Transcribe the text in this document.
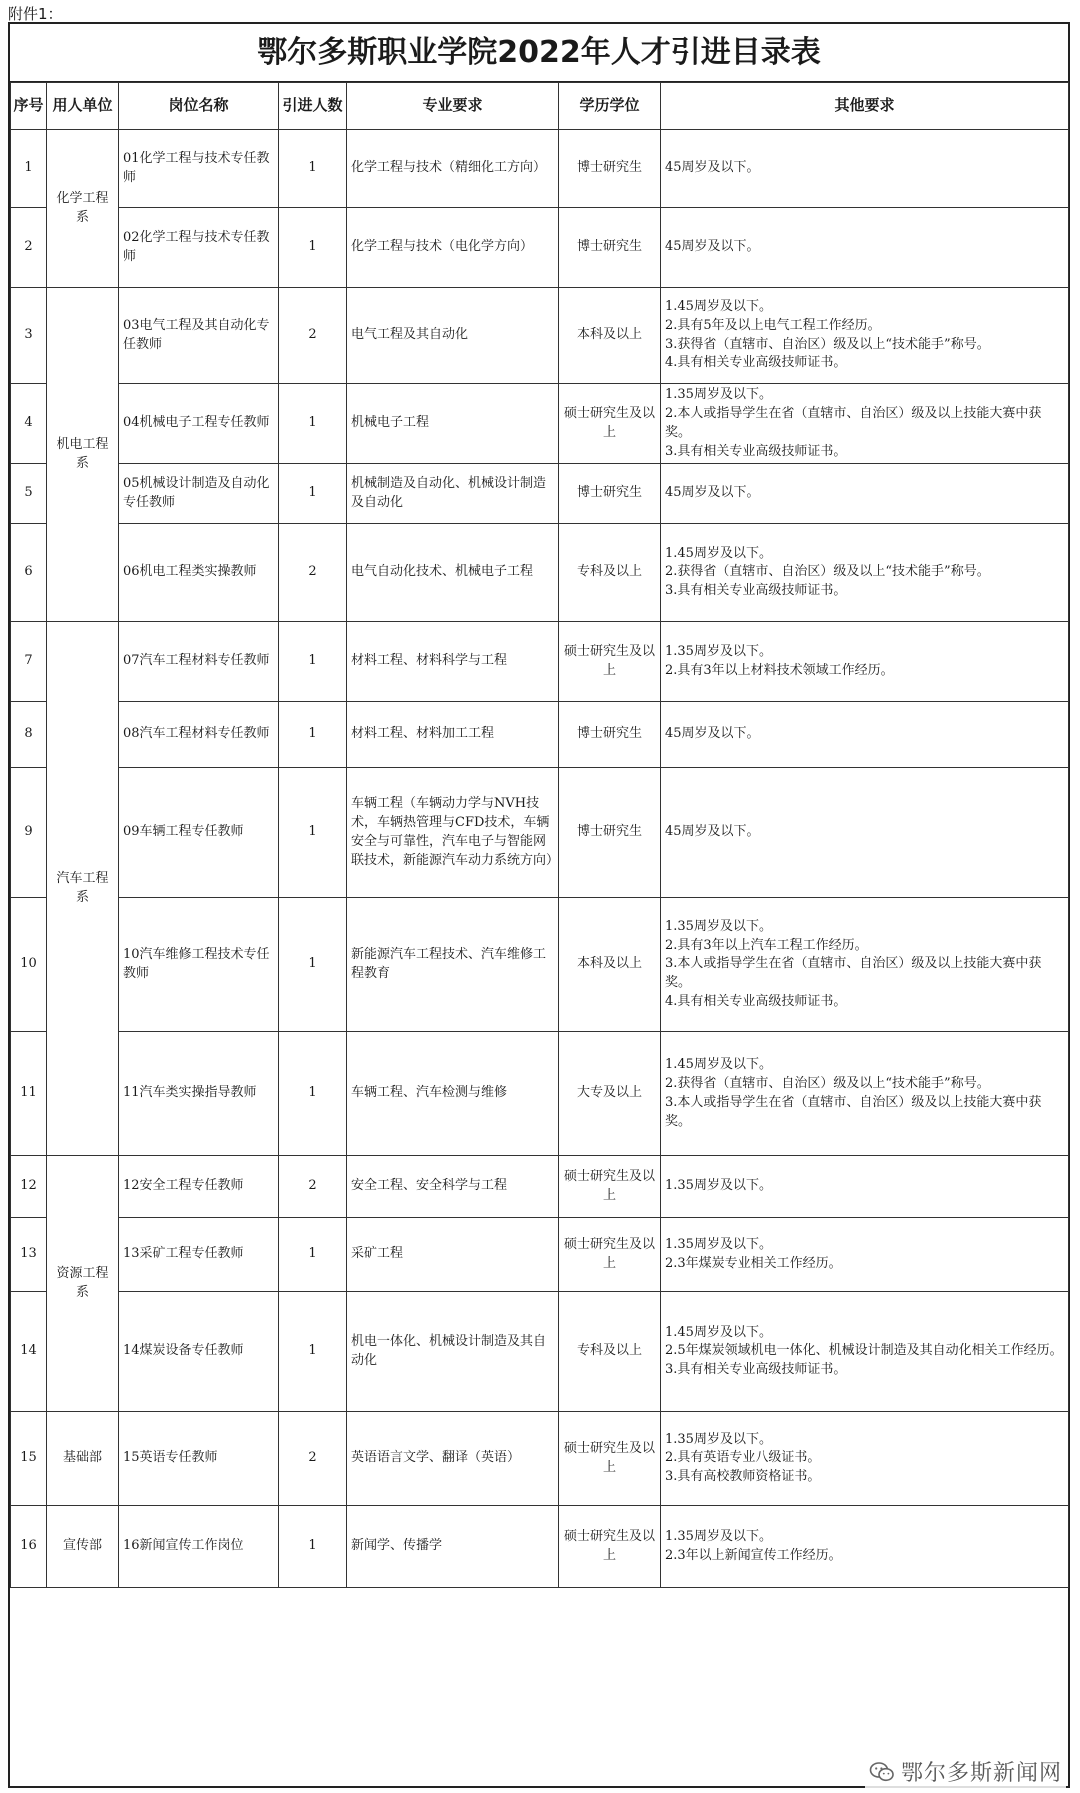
附件1：
鄂尔多斯职业学院2022年人才引进目录表
序号	用人单位	岗位名称	引进人数	专业要求	学历学位	其他要求
1	化学工程系	01化学工程与技术专任教师	1	化学工程与技术（精细化工方向）	博士研究生	45周岁及以下。
2		02化学工程与技术专任教师	1	化学工程与技术（电化学方向）	博士研究生	45周岁及以下。
3	机电工程系	03电气工程及其自动化专任教师	2	电气工程及其自动化	本科及以上	1.45周岁及以下。
2.具有5年及以上电气工程工作经历。
3.获得省（直辖市、自治区）级及以上“技术能手”称号。
4.具有相关专业高级技师证书。
4		04机械电子工程专任教师	1	机械电子工程	硕士研究生及以上	1.35周岁及以下。
2.本人或指导学生在省（直辖市、自治区）级及以上技能大赛中获奖。
3.具有相关专业高级技师证书。
5		05机械设计制造及自动化专任教师	1	机械制造及自动化、机械设计制造及自动化	博士研究生	45周岁及以下。
6		06机电工程类实操教师	2	电气自动化技术、机械电子工程	专科及以上	1.45周岁及以下。
2.获得省（直辖市、自治区）级及以上“技术能手”称号。
3.具有相关专业高级技师证书。
7	汽车工程系	07汽车工程材料专任教师	1	材料工程、材料科学与工程	硕士研究生及以上	1.35周岁及以下。
2.具有3年以上材料技术领域工作经历。
8		08汽车工程材料专任教师	1	材料工程、材料加工工程	博士研究生	45周岁及以下。
9		09车辆工程专任教师	1	车辆工程（车辆动力学与NVH技术，车辆热管理与CFD技术，车辆安全与可靠性，汽车电子与智能网联技术，新能源汽车动力系统方向）	博士研究生	45周岁及以下。
10		10汽车维修工程技术专任教师	1	新能源汽车工程技术、汽车维修工程教育	本科及以上	1.35周岁及以下。
2.具有3年以上汽车工程工作经历。
3.本人或指导学生在省（直辖市、自治区）级及以上技能大赛中获奖。
4.具有相关专业高级技师证书。
11		11汽车类实操指导教师	1	车辆工程、汽车检测与维修	大专及以上	1.45周岁及以下。
2.获得省（直辖市、自治区）级及以上“技术能手”称号。
3.本人或指导学生在省（直辖市、自治区）级及以上技能大赛中获奖。
12	资源工程系	12安全工程专任教师	2	安全工程、安全科学与工程	硕士研究生及以上	1.35周岁及以下。
13		13采矿工程专任教师	1	采矿工程	硕士研究生及以上	1.35周岁及以下。
2.3年煤炭专业相关工作经历。
14		14煤炭设备专任教师	1	机电一体化、机械设计制造及其自动化	专科及以上	1.45周岁及以下。
2.5年煤炭领域机电一体化、机械设计制造及其自动化相关工作经历。
3.具有相关专业高级技师证书。
15	基础部	15英语专任教师	2	英语语言文学、翻译（英语）	硕士研究生及以上	1.35周岁及以下。
2.具有英语专业八级证书。
3.具有高校教师资格证书。
16	宣传部	16新闻宣传工作岗位	1	新闻学、传播学	硕士研究生及以上	1.35周岁及以下。
2.3年以上新闻宣传工作经历。
鄂尔多斯新闻网
